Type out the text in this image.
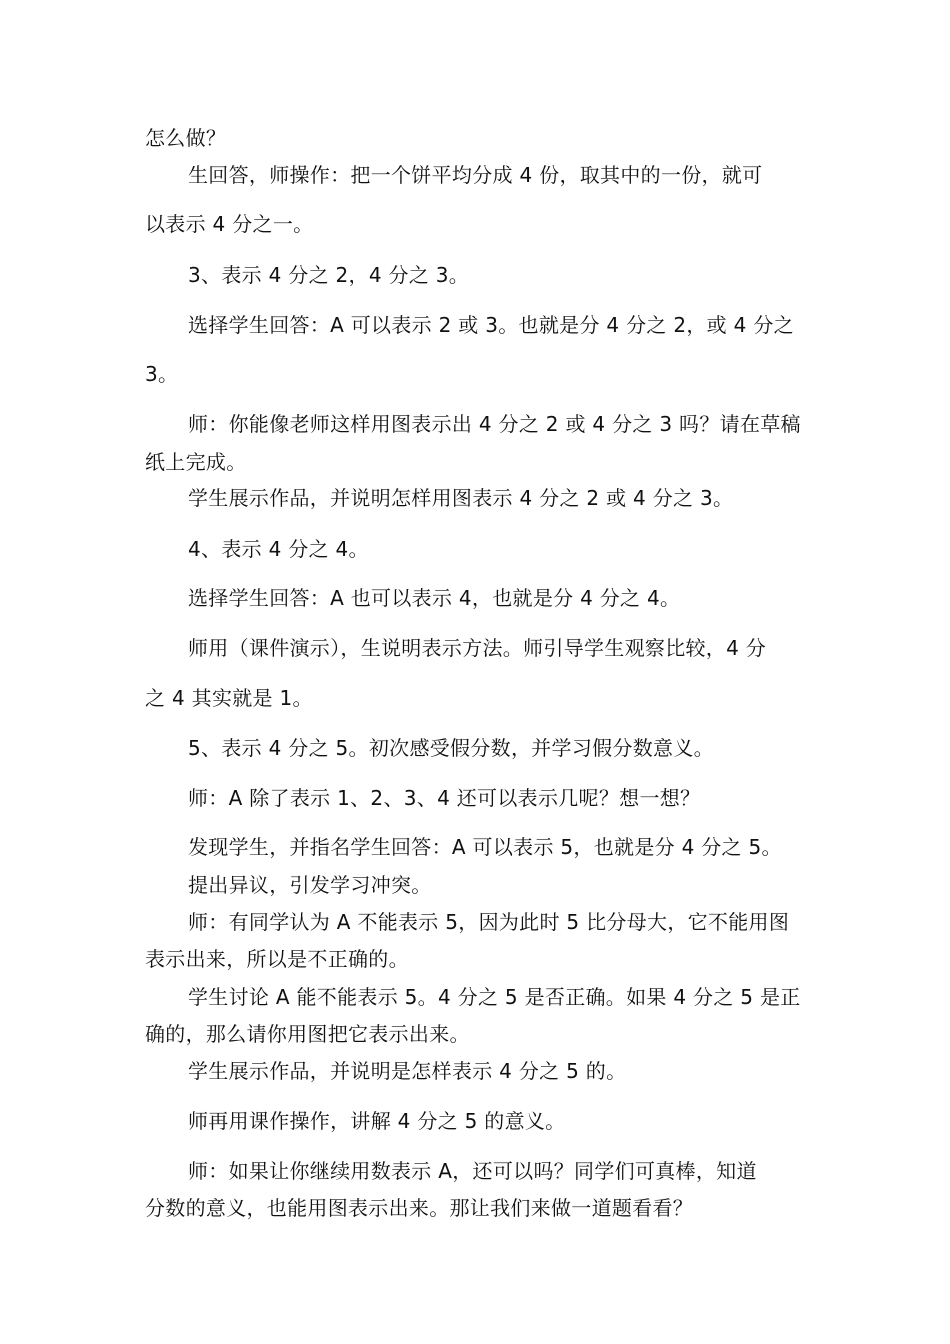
怎么做？
生回答，师操作：把一个饼平均分成 4 份，取其中的一份，就可
以表示 4 分之一。
3、表示 4 分之 2，4 分之 3。
选择学生回答：A 可以表示 2 或 3。也就是分 4 分之 2，或 4 分之
3。
师：你能像老师这样用图表示出 4 分之 2 或 4 分之 3 吗？请在草稿
纸上完成。
学生展示作品，并说明怎样用图表示 4 分之 2 或 4 分之 3。
4、表示 4 分之 4。
选择学生回答：A 也可以表示 4，也就是分 4 分之 4。
师用（课件演示），生说明表示方法。师引导学生观察比较，4 分
之 4 其实就是 1。
5、表示 4 分之 5。初次感受假分数，并学习假分数意义。
师：A 除了表示 1、2、3、4 还可以表示几呢？想一想？
发现学生，并指名学生回答：A 可以表示 5，也就是分 4 分之 5。
提出异议，引发学习冲突。
师：有同学认为 A 不能表示 5，因为此时 5 比分母大，它不能用图
表示出来，所以是不正确的。
学生讨论 A 能不能表示 5。4 分之 5 是否正确。如果 4 分之 5 是正
确的，那么请你用图把它表示出来。
学生展示作品，并说明是怎样表示 4 分之 5 的。
师再用课作操作，讲解 4 分之 5 的意义。
师：如果让你继续用数表示 A，还可以吗？同学们可真棒，知道
分数的意义，也能用图表示出来。那让我们来做一道题看看？
